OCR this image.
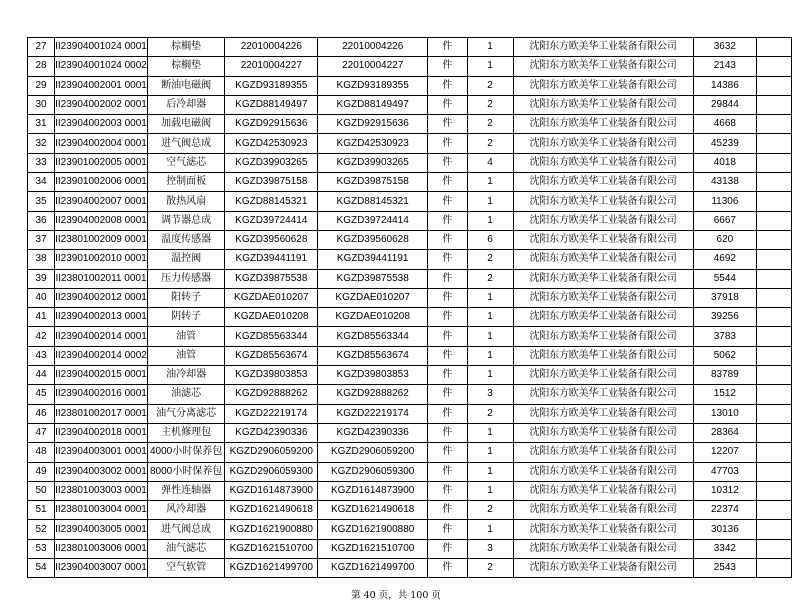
27	II23904001024 0001	棕榈垫	22010004226	22010004226	件	1	沈阳东方欧美华工业装备有限公司	3632	
28	II23904001024 0002	棕榈垫	22010004227	22010004227	件	1	沈阳东方欧美华工业装备有限公司	2143	
29	II23904002001 0001	断油电磁阀	KGZD93189355	KGZD93189355	件	2	沈阳东方欧美华工业装备有限公司	14386	
30	II23904002002 0001	后冷却器	KGZD88149497	KGZD88149497	件	2	沈阳东方欧美华工业装备有限公司	29844	
31	II23904002003 0001	加载电磁阀	KGZD92915636	KGZD92915636	件	2	沈阳东方欧美华工业装备有限公司	4668	
32	II23904002004 0001	进气阀总成	KGZD42530923	KGZD42530923	件	2	沈阳东方欧美华工业装备有限公司	45239	
33	II23901002005 0001	空气滤芯	KGZD39903265	KGZD39903265	件	4	沈阳东方欧美华工业装备有限公司	4018	
34	II23901002006 0001	控制面板	KGZD39875158	KGZD39875158	件	1	沈阳东方欧美华工业装备有限公司	43138	
35	II23904002007 0001	散热风扇	KGZD88145321	KGZD88145321	件	1	沈阳东方欧美华工业装备有限公司	11306	
36	II23904002008 0001	调节器总成	KGZD39724414	KGZD39724414	件	1	沈阳东方欧美华工业装备有限公司	6667	
37	II23801002009 0001	温度传感器	KGZD39560628	KGZD39560628	件	6	沈阳东方欧美华工业装备有限公司	620	
38	II23901002010 0001	温控阀	KGZD39441191	KGZD39441191	件	2	沈阳东方欧美华工业装备有限公司	4692	
39	II23801002011 0001	压力传感器	KGZD39875538	KGZD39875538	件	2	沈阳东方欧美华工业装备有限公司	5544	
40	II23904002012 0001	阳转子	KGZDAE010207	KGZDAE010207	件	1	沈阳东方欧美华工业装备有限公司	37918	
41	II23904002013 0001	阴转子	KGZDAE010208	KGZDAE010208	件	1	沈阳东方欧美华工业装备有限公司	39256	
42	II23904002014 0001	油管	KGZD85563344	KGZD85563344	件	1	沈阳东方欧美华工业装备有限公司	3783	
43	II23904002014 0002	油管	KGZD85563674	KGZD85563674	件	1	沈阳东方欧美华工业装备有限公司	5062	
44	II23904002015 0001	油冷却器	KGZD39803853	KGZD39803853	件	1	沈阳东方欧美华工业装备有限公司	83789	
45	II23904002016 0001	油滤芯	KGZD92888262	KGZD92888262	件	3	沈阳东方欧美华工业装备有限公司	1512	
46	II23801002017 0001	油气分离滤芯	KGZD22219174	KGZD22219174	件	2	沈阳东方欧美华工业装备有限公司	13010	
47	II23904002018 0001	主机修理包	KGZD42390336	KGZD42390336	件	1	沈阳东方欧美华工业装备有限公司	28364	
48	II23904003001 0001	4000小时保养包	KGZD2906059200	KGZD2906059200	件	1	沈阳东方欧美华工业装备有限公司	12207	
49	II23904003002 0001	8000小时保养包	KGZD2906059300	KGZD2906059300	件	1	沈阳东方欧美华工业装备有限公司	47703	
50	II23801003003 0001	弹性连轴器	KGZD1614873900	KGZD1614873900	件	1	沈阳东方欧美华工业装备有限公司	10312	
51	II23801003004 0001	风冷却器	KGZD1621490618	KGZD1621490618	件	2	沈阳东方欧美华工业装备有限公司	22374	
52	II23904003005 0001	进气阀总成	KGZD1621900880	KGZD1621900880	件	1	沈阳东方欧美华工业装备有限公司	30136	
53	II23801003006 0001	油气滤芯	KGZD1621510700	KGZD1621510700	件	3	沈阳东方欧美华工业装备有限公司	3342	
54	II23904003007 0001	空气软管	KGZD1621499700	KGZD1621499700	件	2	沈阳东方欧美华工业装备有限公司	2543	
第 40 页，共 100 页
